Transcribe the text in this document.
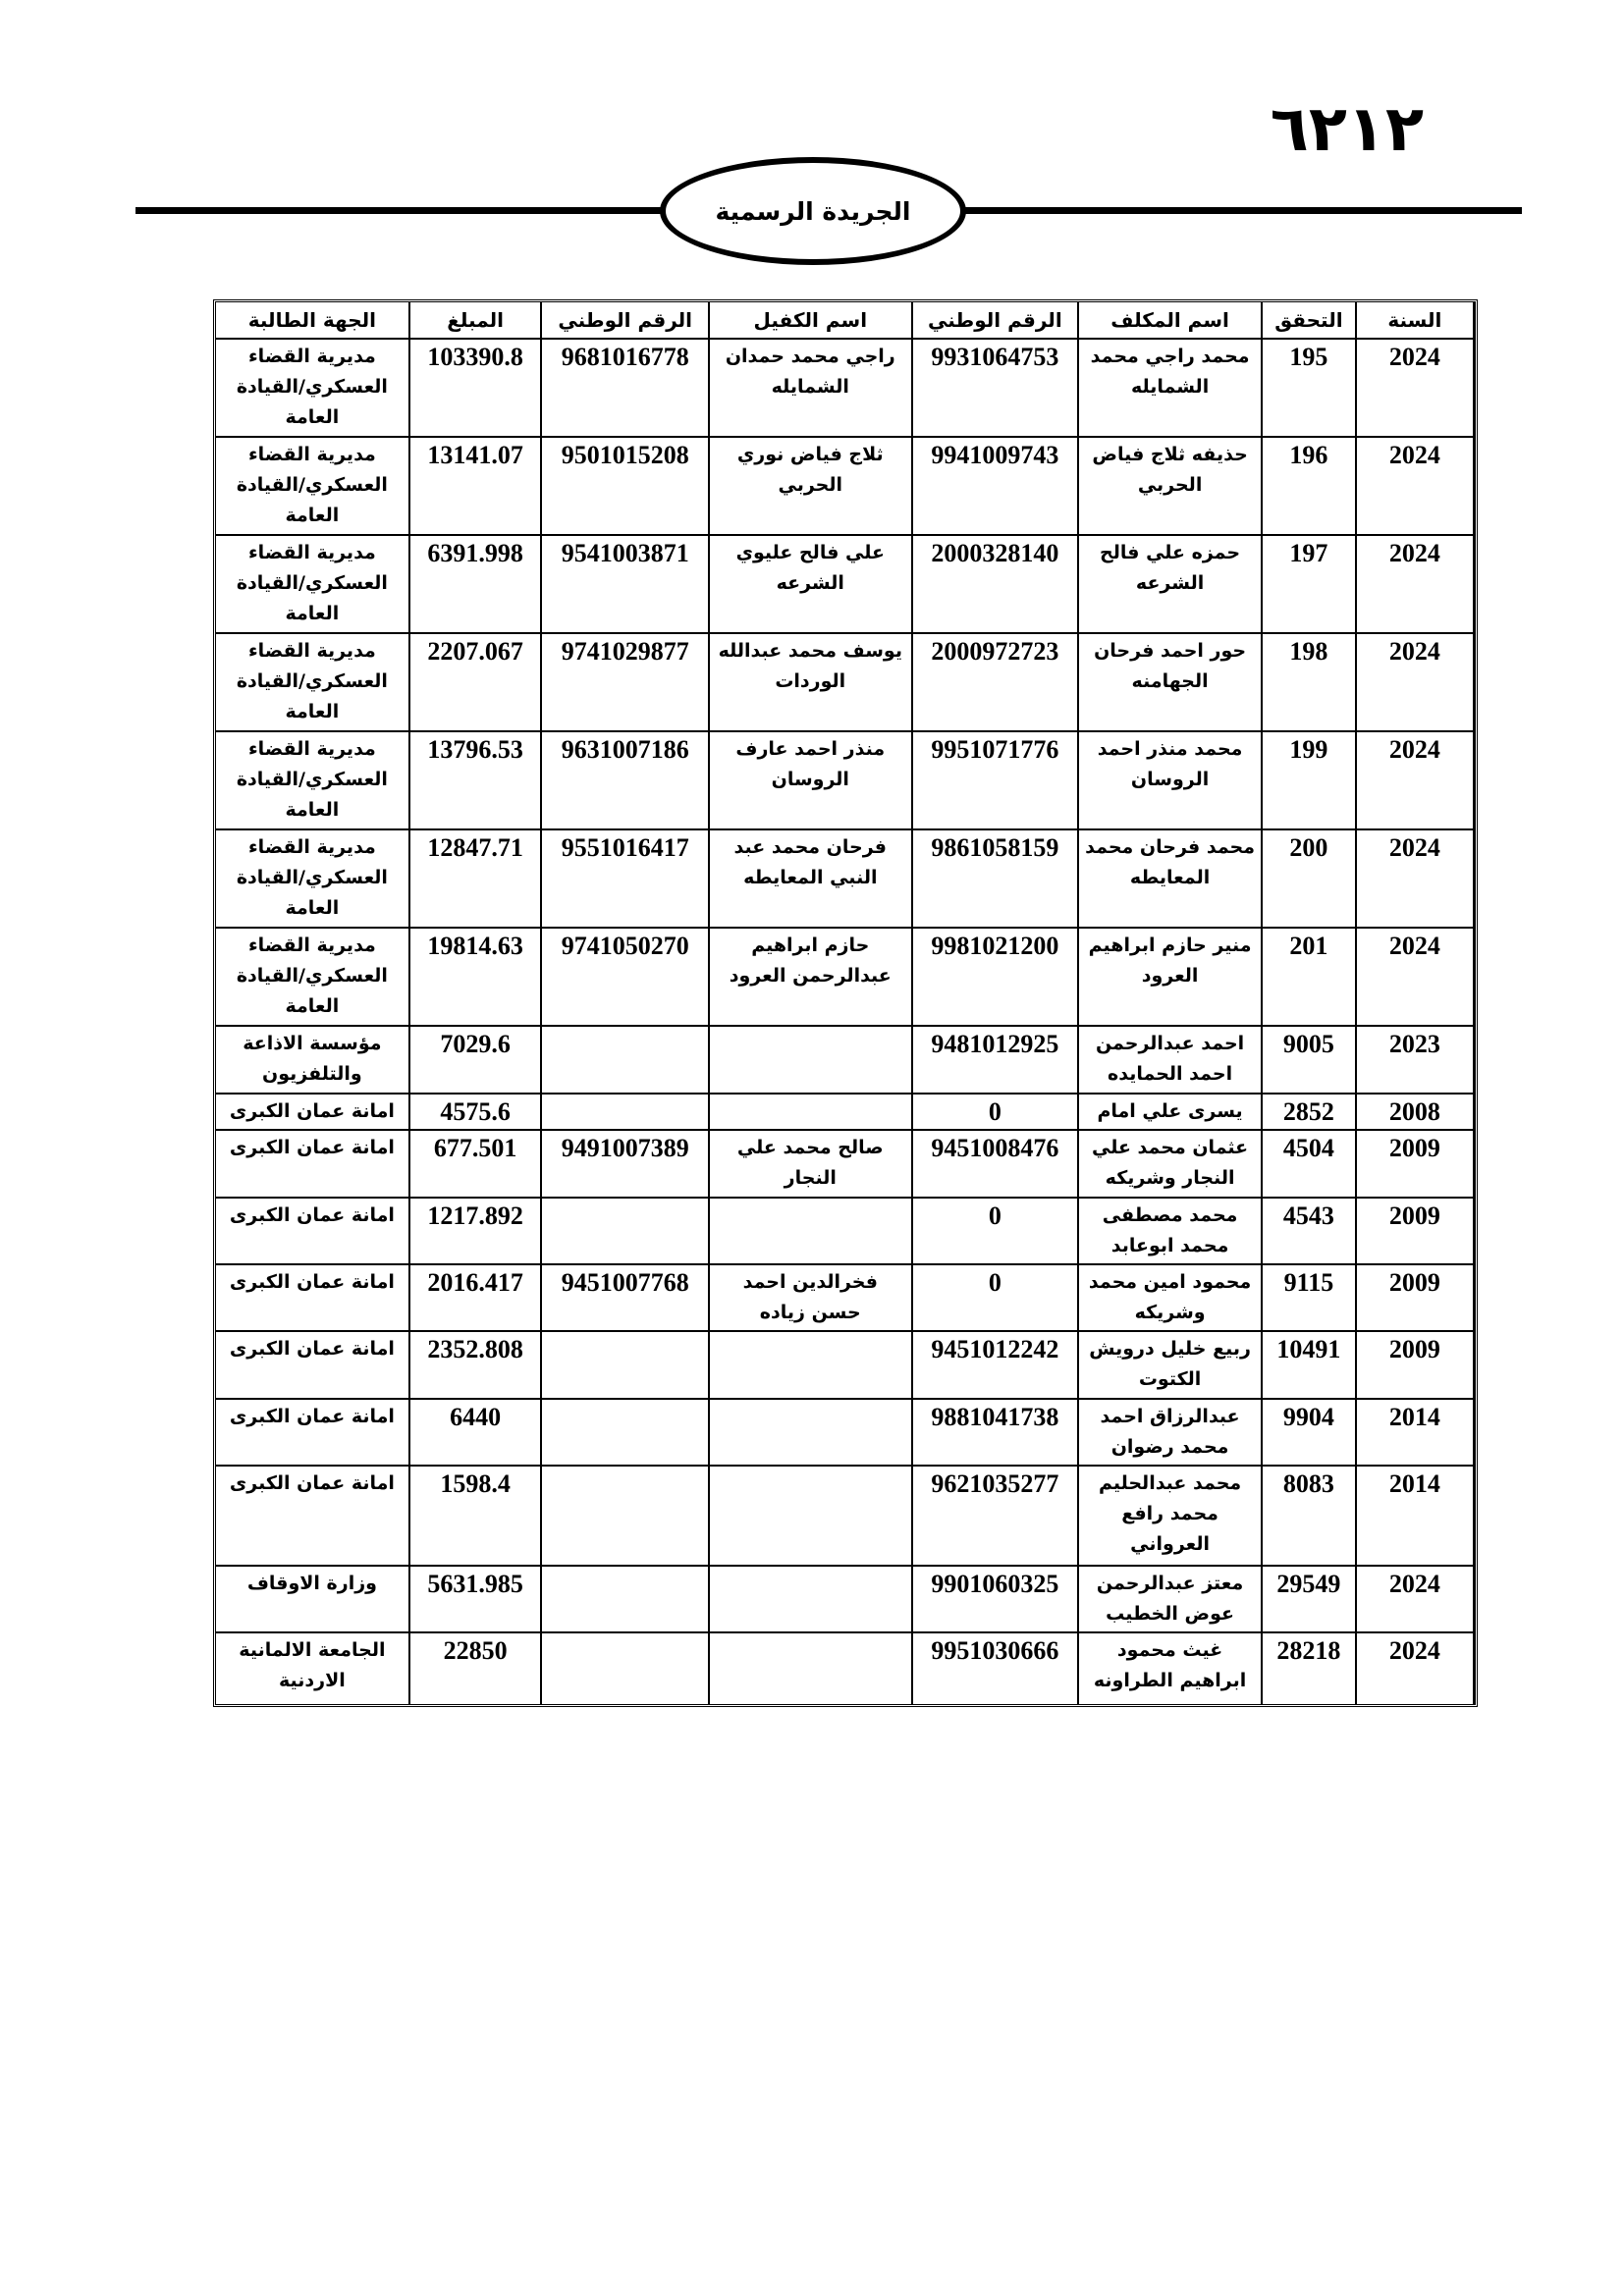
٦٢١٢
الجريدة الرسمية
السنة	التحقق	اسم المكلف	الرقم الوطني	اسم الكفيل	الرقم الوطني	المبلغ	الجهة الطالبة
2024	195	محمد راجي محمد الشمايله	9931064753	راجي محمد حمدان الشمايله	9681016778	103390.8	مديرية القضاء العسكري/القيادة العامة
2024	196	حذيفه ثلاج فياض الحربي	9941009743	ثلاج فياض نوري الحربي	9501015208	13141.07	مديرية القضاء العسكري/القيادة العامة
2024	197	حمزه علي فالح الشرعه	2000328140	علي فالح عليوي الشرعه	9541003871	6391.998	مديرية القضاء العسكري/القيادة العامة
2024	198	حور احمد فرحان الجهامنه	2000972723	يوسف محمد عبدالله الوردات	9741029877	2207.067	مديرية القضاء العسكري/القيادة العامة
2024	199	محمد منذر احمد الروسان	9951071776	منذر احمد عارف الروسان	9631007186	13796.53	مديرية القضاء العسكري/القيادة العامة
2024	200	محمد فرحان محمد المعايطه	9861058159	فرحان محمد عبد النبي المعايطه	9551016417	12847.71	مديرية القضاء العسكري/القيادة العامة
2024	201	منير حازم ابراهيم العرود	9981021200	حازم ابراهيم عبدالرحمن العرود	9741050270	19814.63	مديرية القضاء العسكري/القيادة العامة
2023	9005	احمد عبدالرحمن احمد الحمايده	9481012925			7029.6	مؤسسة الاذاعة والتلفزيون
2008	2852	يسرى علي امام	0			4575.6	امانة عمان الكبرى
2009	4504	عثمان محمد علي النجار وشريكه	9451008476	صالح محمد علي النجار	9491007389	677.501	امانة عمان الكبرى
2009	4543	محمد مصطفى محمد ابوعابد	0			1217.892	امانة عمان الكبرى
2009	9115	محمود امين محمد وشريكه	0	فخرالدين احمد حسن زياده	9451007768	2016.417	امانة عمان الكبرى
2009	10491	ربيع خليل درويش الكتوت	9451012242			2352.808	امانة عمان الكبرى
2014	9904	عبدالرزاق احمد محمد رضوان	9881041738			6440	امانة عمان الكبرى
2014	8083	محمد عبدالحليم محمد رافع العرواني	9621035277			1598.4	امانة عمان الكبرى
2024	29549	معتز عبدالرحمن عوض الخطيب	9901060325			5631.985	وزارة الاوقاف
2024	28218	غيث محمود ابراهيم الطراونه	9951030666			22850	الجامعة الالمانية الاردنية
